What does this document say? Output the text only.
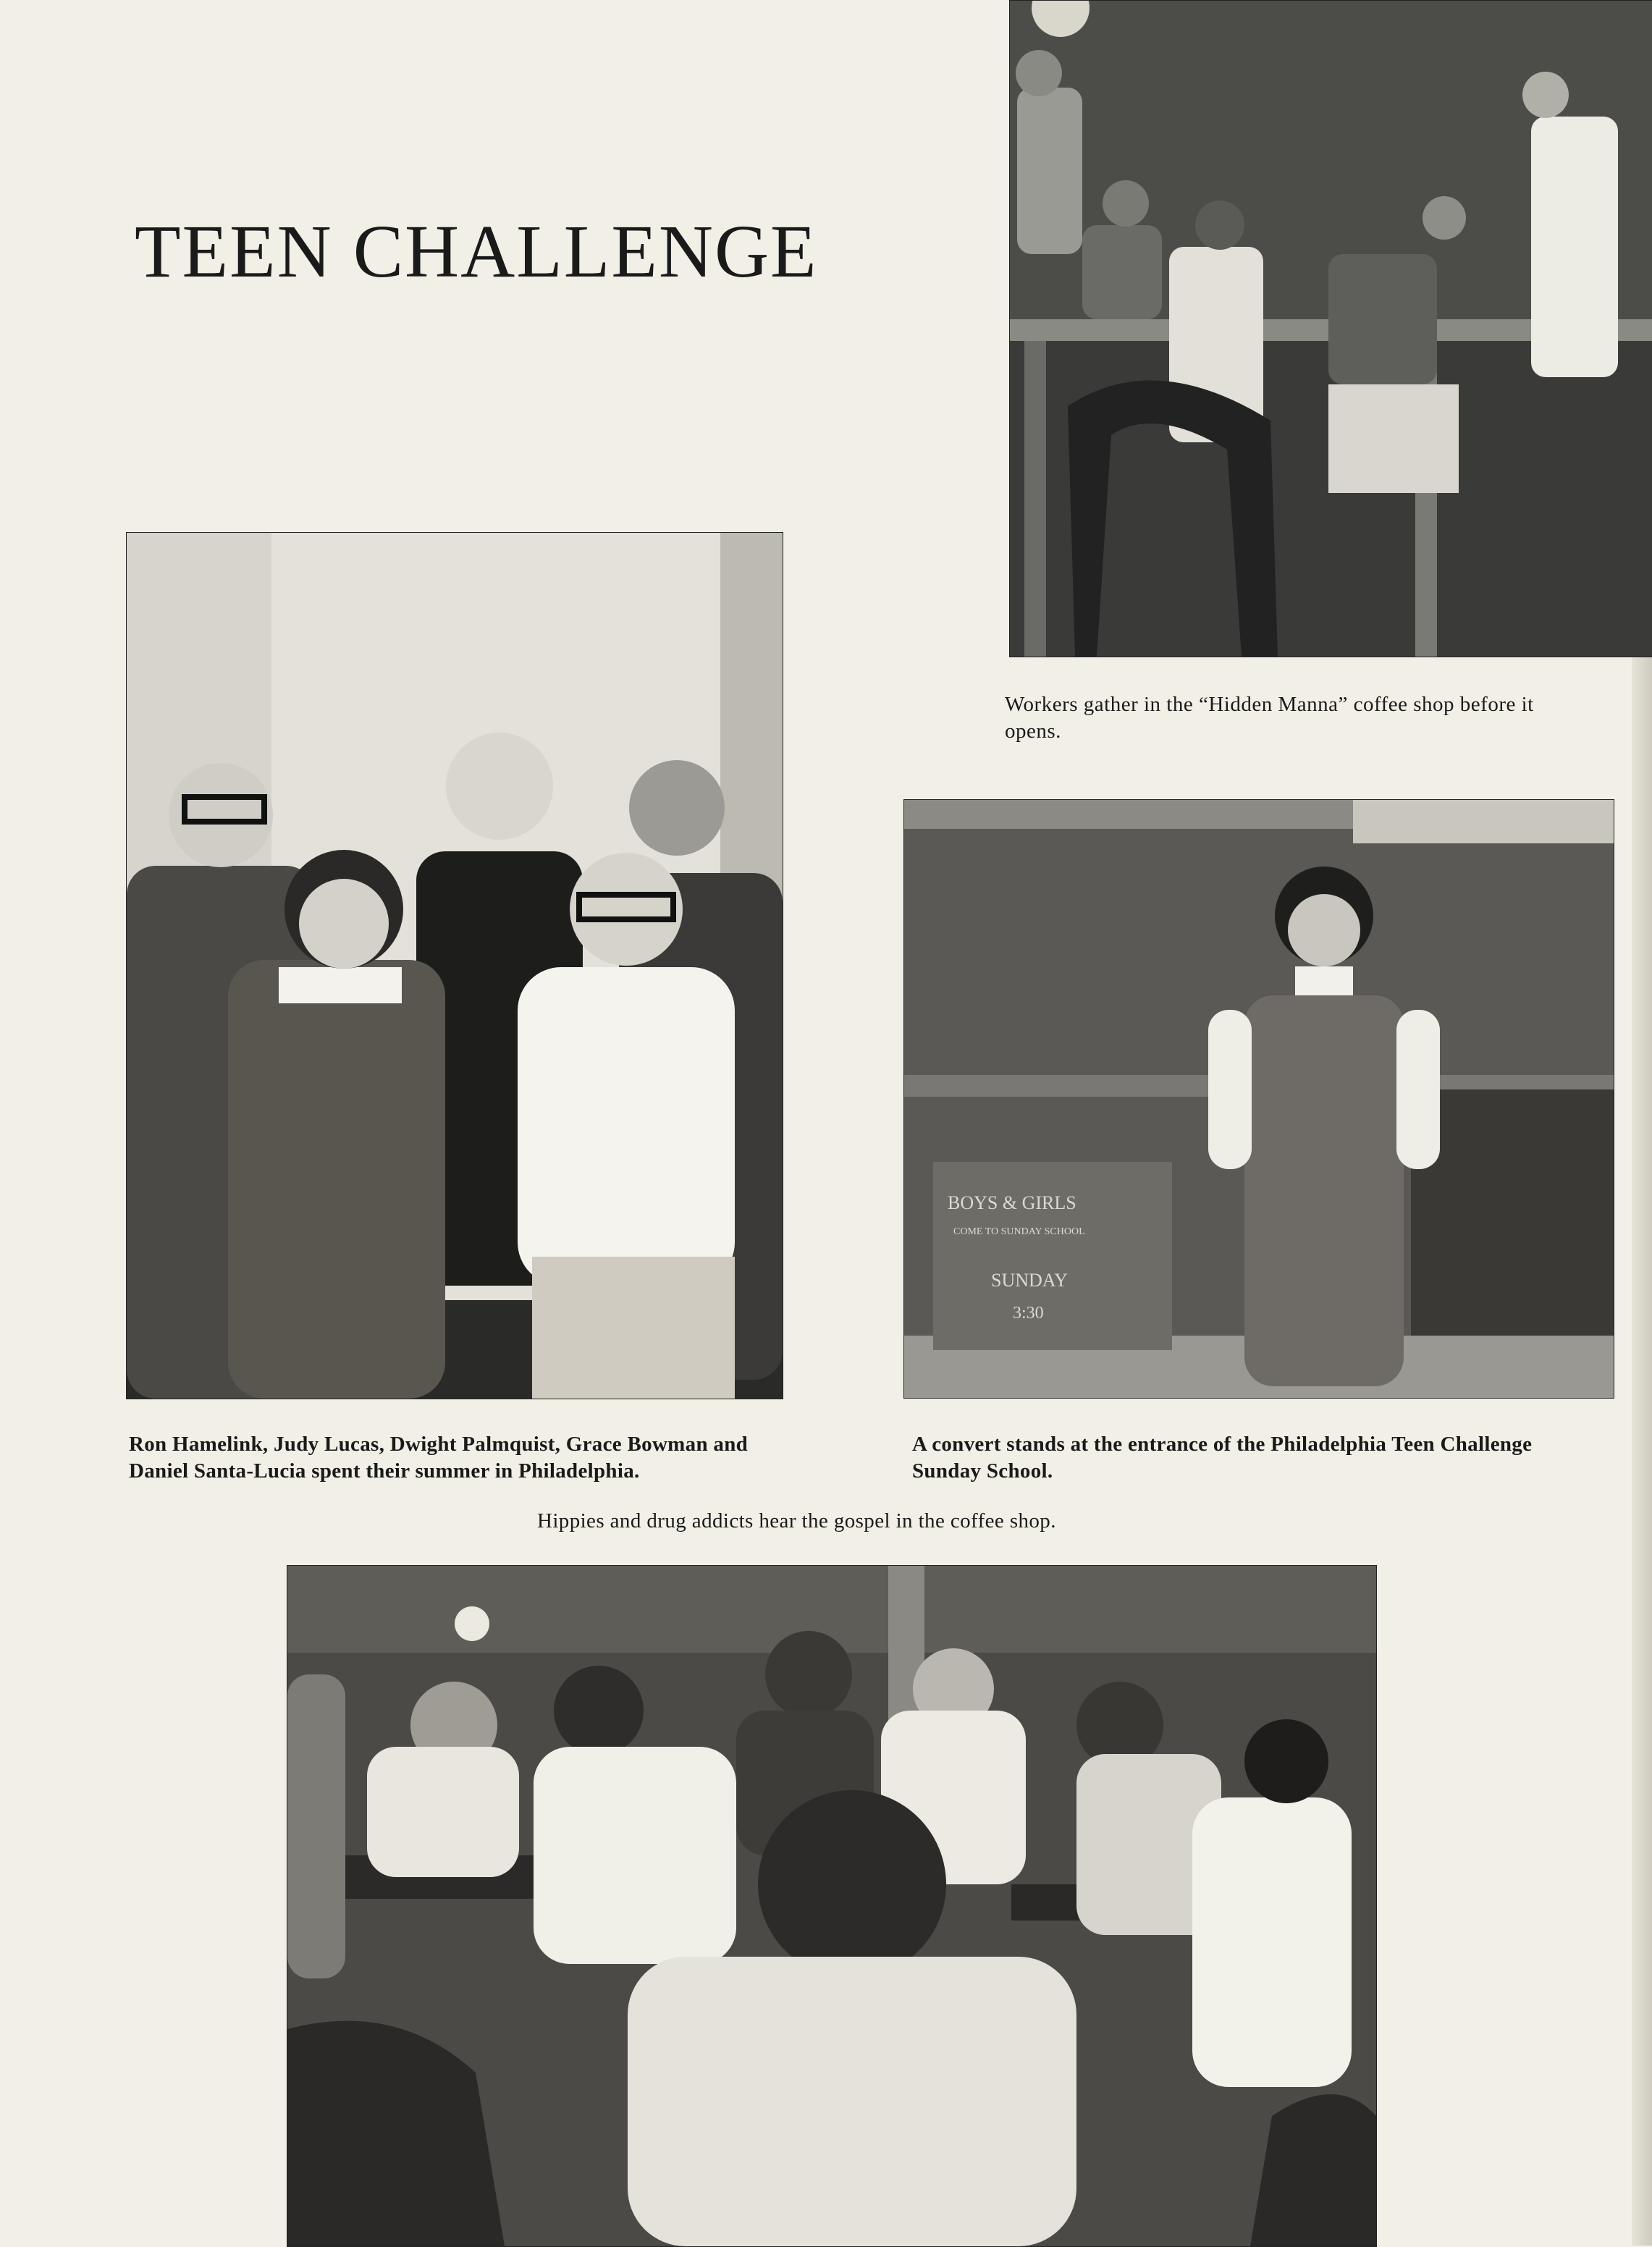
TEEN CHALLENGE

Workers gather in the “Hidden Manna” coffee shop before it opens.

Ron Hamelink, Judy Lucas, Dwight Palmquist, Grace Bowman and Daniel Santa-Lucia spent their summer in Philadelphia.

BOYS & GIRLS
COME TO SUNDAY SCHOOL
SUNDAY
3:30

A convert stands at the entrance of the Philadelphia Teen Challenge Sunday School.

Hippies and drug addicts hear the gospel in the coffee shop.
